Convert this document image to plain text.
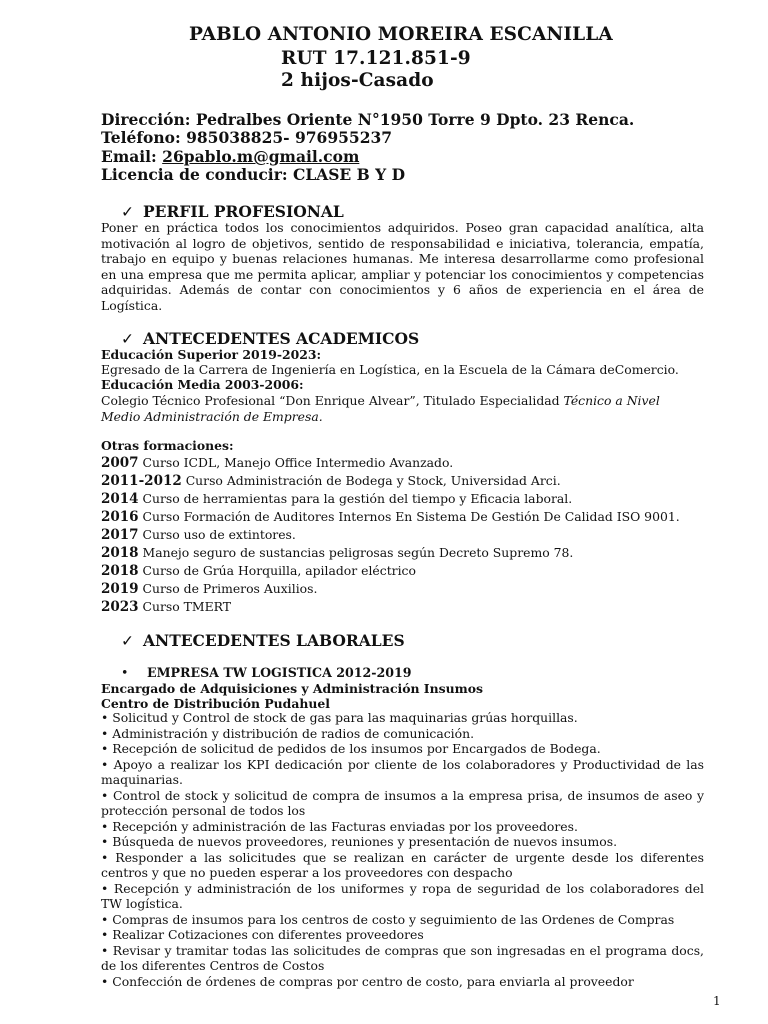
PABLO ANTONIO MOREIRA ESCANILLA
RUT 17.121.851-9
2 hijos-Casado
Dirección: Pedralbes Oriente N°1950 Torre 9 Dpto. 23 Renca.
Teléfono: 985038825- 976955237
Email: 26pablo.m@gmail.com
Licencia de conducir: CLASE B Y D
✓ PERFIL PROFESIONAL
Poner en práctica todos los conocimientos adquiridos. Poseo gran capacidad analítica, alta motivación al logro de objetivos, sentido de responsabilidad e iniciativa, tolerancia, empatía, trabajo en equipo y buenas relaciones humanas. Me interesa desarrollarme como profesional en una empresa que me permita aplicar, ampliar y potenciar los conocimientos y competencias adquiridas. Además de contar con conocimientos y 6 años de experiencia en el área de Logística.
✓ ANTECEDENTES ACADEMICOS
Educación Superior 2019-2023:
Egresado de la Carrera de Ingeniería en Logística, en la Escuela de la Cámara deComercio.
Educación Media 2003-2006:
Colegio Técnico Profesional “Don Enrique Alvear”, Titulado Especialidad Técnico a Nivel
Medio Administración de Empresa.
Otras formaciones:
2007 Curso ICDL, Manejo Office Intermedio Avanzado.
2011-2012 Curso Administración de Bodega y Stock, Universidad Arci.
2014 Curso de herramientas para la gestión del tiempo y Eficacia laboral.
2016 Curso Formación de Auditores Internos En Sistema De Gestión De Calidad ISO 9001.
2017 Curso uso de extintores.
2018 Manejo seguro de sustancias peligrosas según Decreto Supremo 78.
2018 Curso de Grúa Horquilla, apilador eléctrico
2019 Curso de Primeros Auxilios.
2023 Curso TMERT
✓ ANTECEDENTES LABORALES
• EMPRESA TW LOGISTICA 2012-2019
Encargado de Adquisiciones y Administración Insumos
Centro de Distribución Pudahuel

• Solicitud y Control de stock de gas para las maquinarias grúas horquillas.

• Administración y distribución de radios de comunicación.

• Recepción de solicitud de pedidos de los insumos por Encargados de Bodega.

• Apoyo a realizar los KPI dedicación por cliente de los colaboradores y Productividad de las maquinarias.

• Control de stock y solicitud de compra de insumos a la empresa prisa, de insumos de aseo y protección personal de todos los

• Recepción y administración de las Facturas enviadas por los proveedores.

• Búsqueda de nuevos proveedores, reuniones y presentación de nuevos insumos.

• Responder a las solicitudes que se realizan en carácter de urgente desde los diferentes centros y que no pueden esperar a los proveedores con despacho

• Recepción y administración de los uniformes y ropa de seguridad de los colaboradores del TW logística.

• Compras de insumos para los centros de costo y seguimiento de las Ordenes de Compras

• Realizar Cotizaciones con diferentes proveedores

• Revisar y tramitar todas las solicitudes de compras que son ingresadas en el programa docs, de los diferentes Centros de Costos

• Confección de órdenes de compras por centro de costo, para enviarla al proveedor

1
